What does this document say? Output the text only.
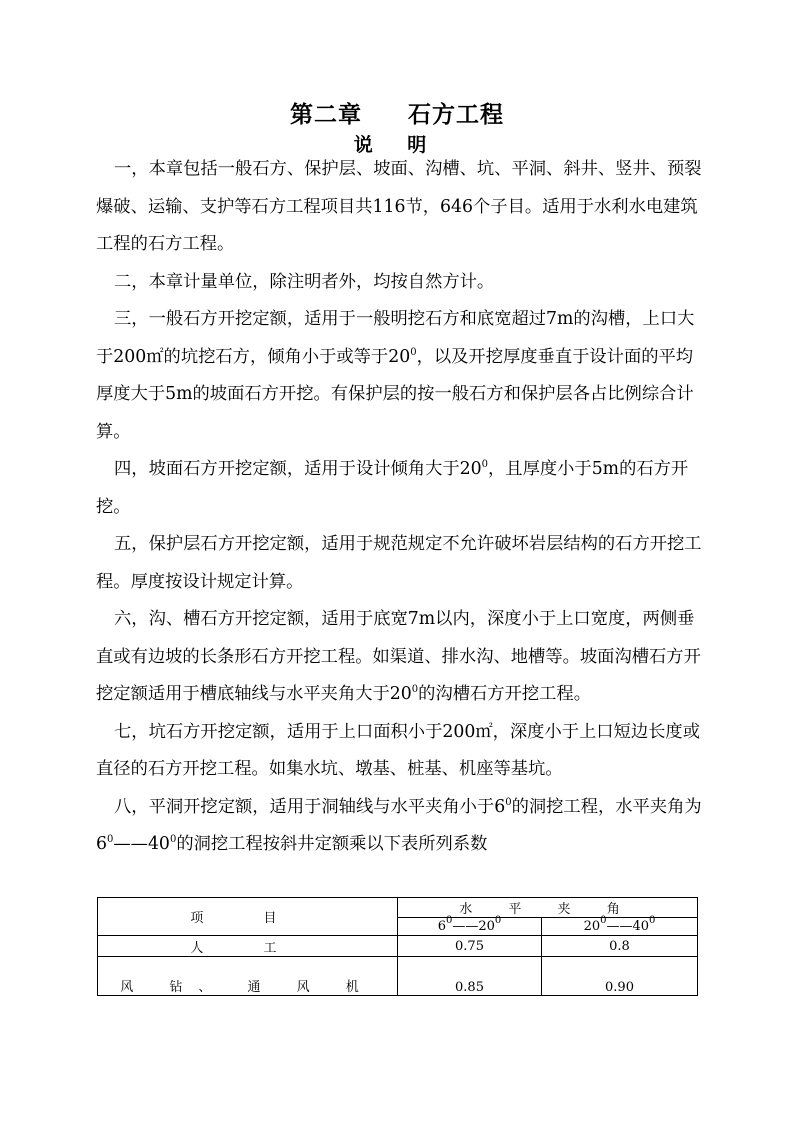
第二章 石方工程
说 明

一，本章包括一般石方、保护层、坡面、沟槽、坑、平洞、斜井、竖井、预裂爆破、运输、支护等石方工程项目共116节，646个子目。适用于水利水电建筑工程的石方工程。

二，本章计量单位，除注明者外，均按自然方计。

三，一般石方开挖定额，适用于一般明挖石方和底宽超过7m的沟槽，上口大于200㎡的坑挖石方，倾角小于或等于$20^0$，以及开挖厚度垂直于设计面的平均厚度大于5m的坡面石方开挖。有保护层的按一般石方和保护层各占比例综合计算。

四，坡面石方开挖定额，适用于设计倾角大于$20^0$，且厚度小于5m的石方开挖。

五，保护层石方开挖定额，适用于规范规定不允许破坏岩层结构的石方开挖工程。厚度按设计规定计算。

六，沟、槽石方开挖定额，适用于底宽7m以内，深度小于上口宽度，两侧垂直或有边坡的长条形石方开挖工程。如渠道、排水沟、地槽等。坡面沟槽石方开挖定额适用于槽底轴线与水平夹角大于$20^0$的沟槽石方开挖工程。

七，坑石方开挖定额，适用于上口面积小于200㎡，深度小于上口短边长度或直径的石方开挖工程。如集水坑、墩基、桩基、机座等基坑。

八，平洞开挖定额，适用于洞轴线与水平夹角小于$6^0$的洞挖工程，水平夹角为$6^0——40^0$的洞挖工程按斜井定额乘以下表所列系数

项 目	水 平 夹 角	
	$6^0——20^0$	$20^0——40^0$
人 工	0.75	0.8
风 钻、 通 风 机	0.85	0.90
